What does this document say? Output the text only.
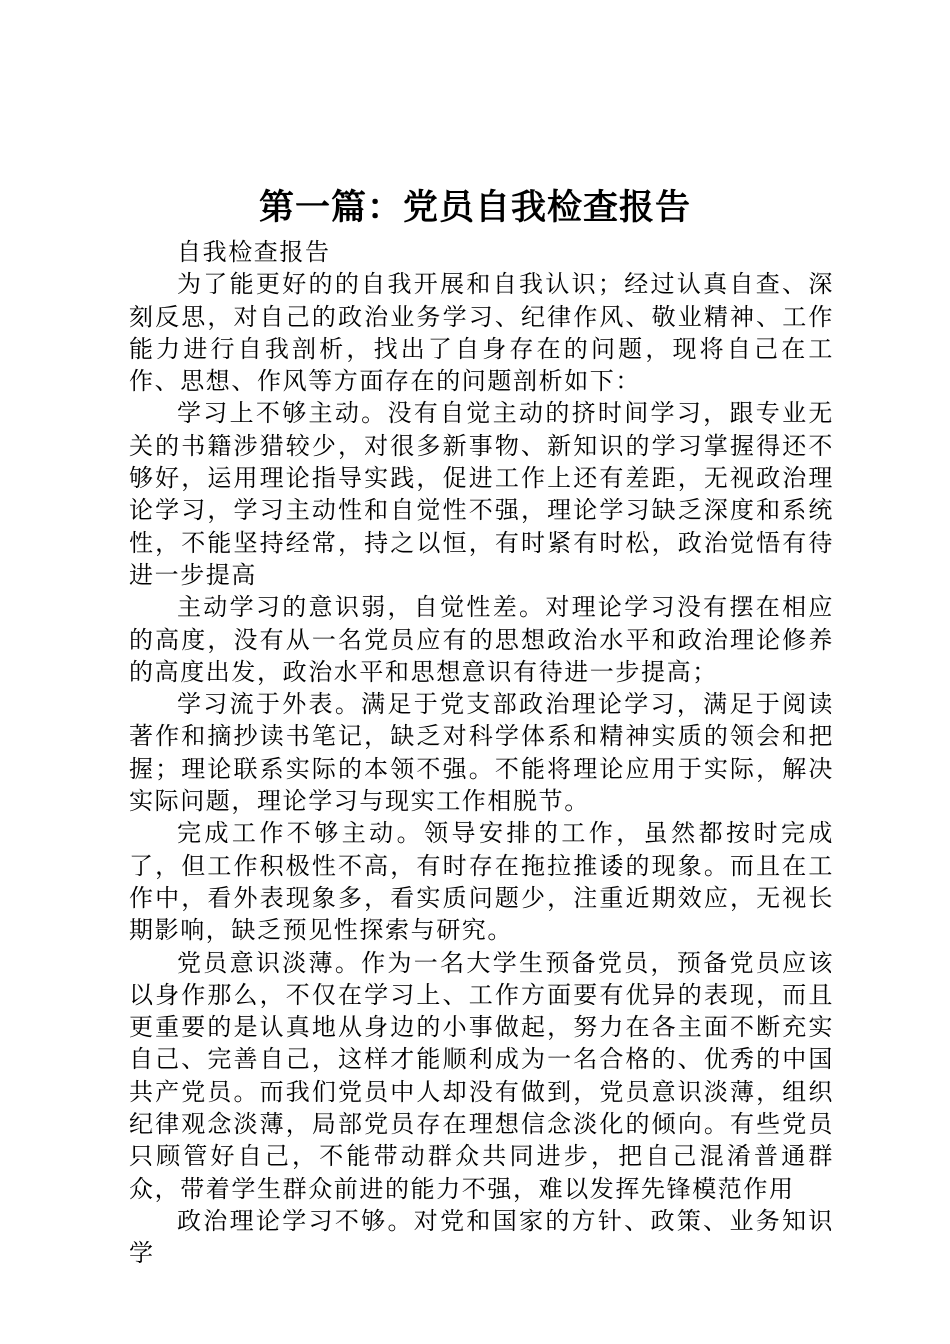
第一篇：党员自我检查报告

自我检查报告

为了能更好的的自我开展和自我认识；经过认真自查、深刻反思，对自己的政治业务学习、纪律作风、敬业精神、工作能力进行自我剖析，找出了自身存在的问题，现将自己在工作、思想、作风等方面存在的问题剖析如下：

学习上不够主动。没有自觉主动的挤时间学习，跟专业无关的书籍涉猎较少，对很多新事物、新知识的学习掌握得还不够好，运用理论指导实践，促进工作上还有差距，无视政治理论学习，学习主动性和自觉性不强，理论学习缺乏深度和系统性，不能坚持经常，持之以恒，有时紧有时松，政治觉悟有待进一步提高

主动学习的意识弱，自觉性差。对理论学习没有摆在相应的高度，没有从一名党员应有的思想政治水平和政治理论修养的高度出发，政治水平和思想意识有待进一步提高；

学习流于外表。满足于党支部政治理论学习，满足于阅读著作和摘抄读书笔记，缺乏对科学体系和精神实质的领会和把握；理论联系实际的本领不强。不能将理论应用于实际，解决实际问题，理论学习与现实工作相脱节。

完成工作不够主动。领导安排的工作，虽然都按时完成了，但工作积极性不高，有时存在拖拉推诿的现象。而且在工作中，看外表现象多，看实质问题少，注重近期效应，无视长期影响，缺乏预见性探索与研究。

党员意识淡薄。作为一名大学生预备党员，预备党员应该以身作那么，不仅在学习上、工作方面要有优异的表现，而且更重要的是认真地从身边的小事做起，努力在各主面不断充实自己、完善自己，这样才能顺利成为一名合格的、优秀的中国共产党员。而我们党员中人却没有做到，党员意识淡薄，组织纪律观念淡薄，局部党员存在理想信念淡化的倾向。有些党员只顾管好自己，不能带动群众共同进步，把自己混淆普通群众，带着学生群众前进的能力不强，难以发挥先锋模范作用

政治理论学习不够。对党和国家的方针、政策、业务知识学
